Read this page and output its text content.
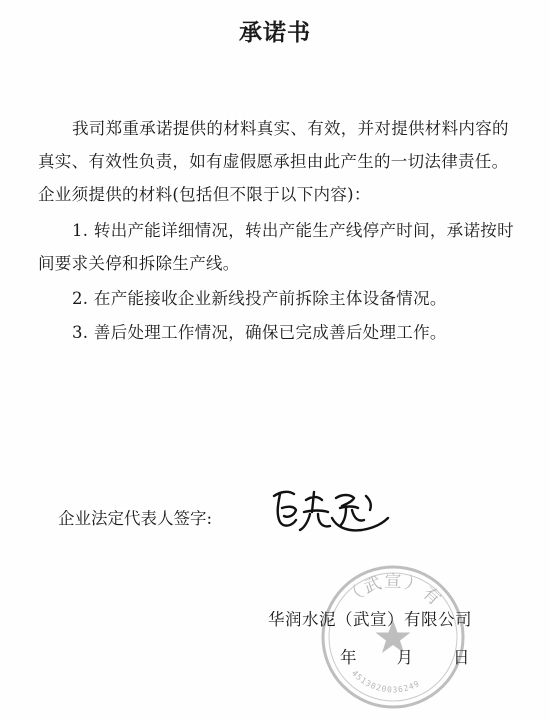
承诺书
我司郑重承诺提供的材料真实、有效，并对提供材料内容的真实、有效性负责，如有虚假愿承担由此产生的一切法律责任。企业须提供的材料(包括但不限于以下内容)：
1. 转出产能详细情况，转出产能生产线停产时间，承诺按时间要求关停和拆除生产线。
2. 在产能接收企业新线投产前拆除主体设备情况。
3. 善后处理工作情况，确保已完成善后处理工作。
企业法定代表人签字:
（武宣）有
4513020036249
华润水泥（武宣）有限公司
年 月 日
